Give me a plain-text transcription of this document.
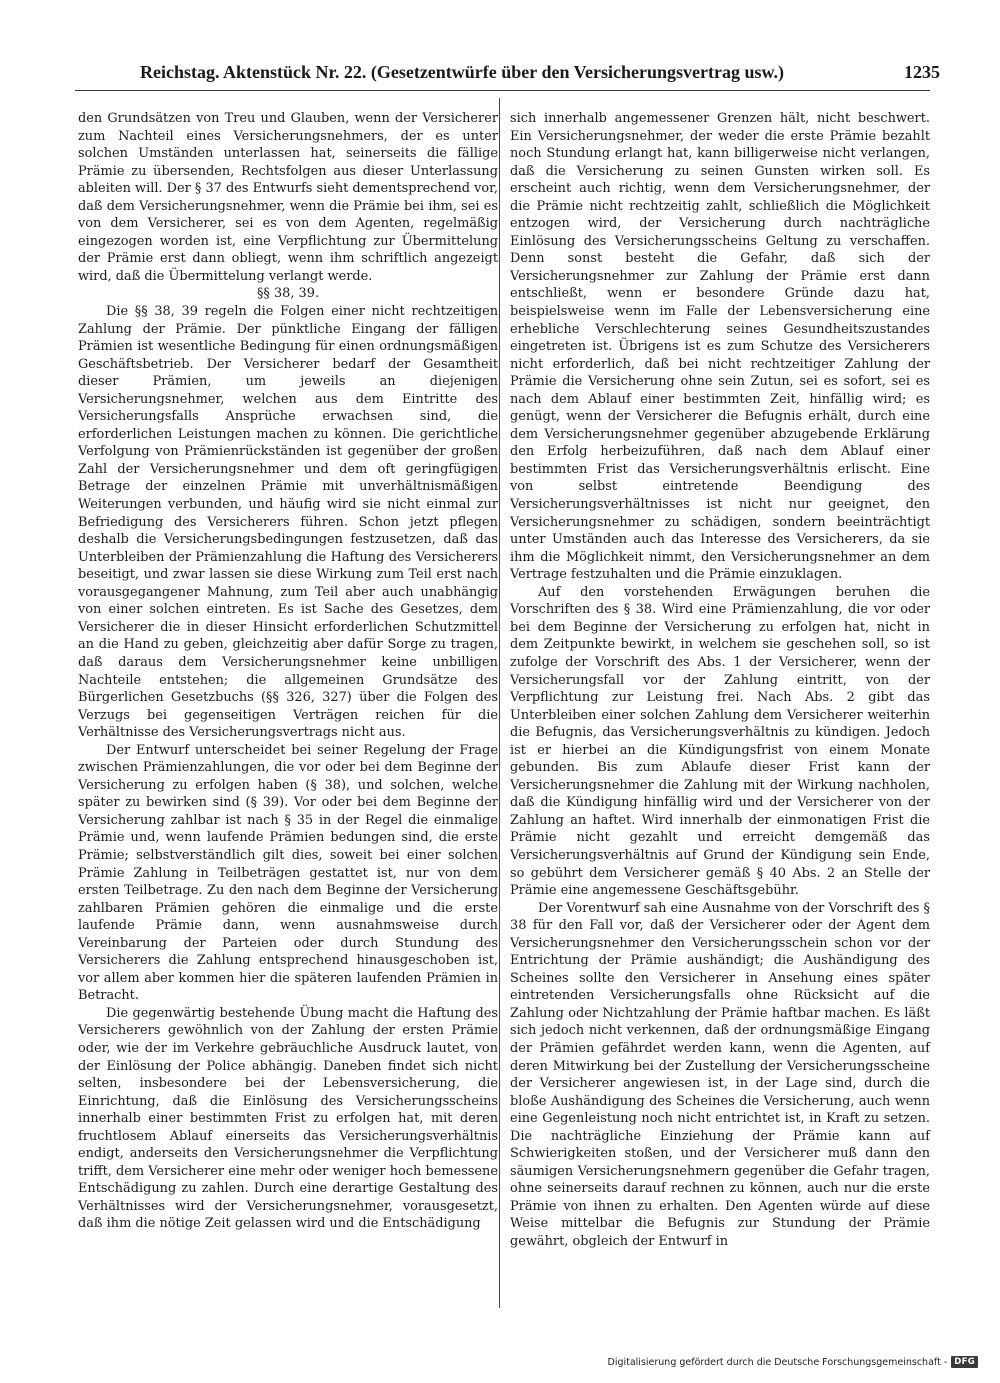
Reichstag. Aktenstück Nr. 22. (Gesetzentwürfe über den Versicherungsvertrag usw.)	1235

den Grundsätzen von Treu und Glauben, wenn der Versicherer zum Nachteil eines Versicherungsnehmers, der es unter solchen Umständen unterlassen hat, seinerseits die fällige Prämie zu übersenden, Rechtsfolgen aus dieser Unterlassung ableiten will. Der § 37 des Entwurfs sieht dementsprechend vor, daß dem Versicherungsnehmer, wenn die Prämie bei ihm, sei es von dem Versicherer, sei es von dem Agenten, regelmäßig eingezogen worden ist, eine Verpflichtung zur Übermittelung der Prämie erst dann obliegt, wenn ihm schriftlich angezeigt wird, daß die Übermittelung verlangt werde.

§§ 38, 39.

Die §§ 38, 39 regeln die Folgen einer nicht rechtzeitigen Zahlung der Prämie. Der pünktliche Eingang der fälligen Prämien ist wesentliche Bedingung für einen ordnungsmäßigen Geschäftsbetrieb. Der Versicherer bedarf der Gesamtheit dieser Prämien, um jeweils an diejenigen Versicherungsnehmer, welchen aus dem Eintritte des Versicherungsfalls Ansprüche erwachsen sind, die erforderlichen Leistungen machen zu können. Die gerichtliche Verfolgung von Prämienrückständen ist gegenüber der großen Zahl der Versicherungsnehmer und dem oft geringfügigen Betrage der einzelnen Prämie mit unverhältnismäßigen Weiterungen verbunden, und häufig wird sie nicht einmal zur Befriedigung des Versicherers führen. Schon jetzt pflegen deshalb die Versicherungsbedingungen festzusetzen, daß das Unterbleiben der Prämienzahlung die Haftung des Versicherers beseitigt, und zwar lassen sie diese Wirkung zum Teil erst nach vorausgegangener Mahnung, zum Teil aber auch unabhängig von einer solchen eintreten. Es ist Sache des Gesetzes, dem Versicherer die in dieser Hinsicht erforderlichen Schutzmittel an die Hand zu geben, gleichzeitig aber dafür Sorge zu tragen, daß daraus dem Versicherungsnehmer keine unbilligen Nachteile entstehen; die allgemeinen Grundsätze des Bürgerlichen Gesetzbuchs (§§ 326, 327) über die Folgen des Verzugs bei gegenseitigen Verträgen reichen für die Verhältnisse des Versicherungsvertrags nicht aus.

Der Entwurf unterscheidet bei seiner Regelung der Frage zwischen Prämienzahlungen, die vor oder bei dem Beginne der Versicherung zu erfolgen haben (§ 38), und solchen, welche später zu bewirken sind (§ 39). Vor oder bei dem Beginne der Versicherung zahlbar ist nach § 35 in der Regel die einmalige Prämie und, wenn laufende Prämien bedungen sind, die erste Prämie; selbstverständlich gilt dies, soweit bei einer solchen Prämie Zahlung in Teilbeträgen gestattet ist, nur von dem ersten Teilbetrage. Zu den nach dem Beginne der Versicherung zahlbaren Prämien gehören die einmalige und die erste laufende Prämie dann, wenn ausnahmsweise durch Vereinbarung der Parteien oder durch Stundung des Versicherers die Zahlung entsprechend hinausgeschoben ist, vor allem aber kommen hier die späteren laufenden Prämien in Betracht.

Die gegenwärtig bestehende Übung macht die Haftung des Versicherers gewöhnlich von der Zahlung der ersten Prämie oder, wie der im Verkehre gebräuchliche Ausdruck lautet, von der Einlösung der Police abhängig. Daneben findet sich nicht selten, insbesondere bei der Lebensversicherung, die Einrichtung, daß die Einlösung des Versicherungsscheins innerhalb einer bestimmten Frist zu erfolgen hat, mit deren fruchtlosem Ablauf einerseits das Versicherungsverhältnis endigt, anderseits den Versicherungsnehmer die Verpflichtung trifft, dem Versicherer eine mehr oder weniger hoch bemessene Entschädigung zu zahlen. Durch eine derartige Gestaltung des Verhältnisses wird der Versicherungsnehmer, vorausgesetzt, daß ihm die nötige Zeit gelassen wird und die Entschädigung

sich innerhalb angemessener Grenzen hält, nicht beschwert. Ein Versicherungsnehmer, der weder die erste Prämie bezahlt noch Stundung erlangt hat, kann billigerweise nicht verlangen, daß die Versicherung zu seinen Gunsten wirken soll. Es erscheint auch richtig, wenn dem Versicherungsnehmer, der die Prämie nicht rechtzeitig zahlt, schließlich die Möglichkeit entzogen wird, der Versicherung durch nachträgliche Einlösung des Versicherungsscheins Geltung zu verschaffen. Denn sonst besteht die Gefahr, daß sich der Versicherungsnehmer zur Zahlung der Prämie erst dann entschließt, wenn er besondere Gründe dazu hat, beispielsweise wenn im Falle der Lebensversicherung eine erhebliche Verschlechterung seines Gesundheitszustandes eingetreten ist. Übrigens ist es zum Schutze des Versicherers nicht erforderlich, daß bei nicht rechtzeitiger Zahlung der Prämie die Versicherung ohne sein Zutun, sei es sofort, sei es nach dem Ablauf einer bestimmten Zeit, hinfällig wird; es genügt, wenn der Versicherer die Befugnis erhält, durch eine dem Versicherungsnehmer gegenüber abzugebende Erklärung den Erfolg herbeizuführen, daß nach dem Ablauf einer bestimmten Frist das Versicherungsverhältnis erlischt. Eine von selbst eintretende Beendigung des Versicherungsverhältnisses ist nicht nur geeignet, den Versicherungsnehmer zu schädigen, sondern beeinträchtigt unter Umständen auch das Interesse des Versicherers, da sie ihm die Möglichkeit nimmt, den Versicherungsnehmer an dem Vertrage festzuhalten und die Prämie einzuklagen.

Auf den vorstehenden Erwägungen beruhen die Vorschriften des § 38. Wird eine Prämienzahlung, die vor oder bei dem Beginne der Versicherung zu erfolgen hat, nicht in dem Zeitpunkte bewirkt, in welchem sie geschehen soll, so ist zufolge der Vorschrift des Abs. 1 der Versicherer, wenn der Versicherungsfall vor der Zahlung eintritt, von der Verpflichtung zur Leistung frei. Nach Abs. 2 gibt das Unterbleiben einer solchen Zahlung dem Versicherer weiterhin die Befugnis, das Versicherungsverhältnis zu kündigen. Jedoch ist er hierbei an die Kündigungsfrist von einem Monate gebunden. Bis zum Ablaufe dieser Frist kann der Versicherungsnehmer die Zahlung mit der Wirkung nachholen, daß die Kündigung hinfällig wird und der Versicherer von der Zahlung an haftet. Wird innerhalb der einmonatigen Frist die Prämie nicht gezahlt und erreicht demgemäß das Versicherungsverhältnis auf Grund der Kündigung sein Ende, so gebührt dem Versicherer gemäß § 40 Abs. 2 an Stelle der Prämie eine angemessene Geschäftsgebühr.

Der Vorentwurf sah eine Ausnahme von der Vorschrift des § 38 für den Fall vor, daß der Versicherer oder der Agent dem Versicherungsnehmer den Versicherungsschein schon vor der Entrichtung der Prämie aushändigt; die Aushändigung des Scheines sollte den Versicherer in Ansehung eines später eintretenden Versicherungsfalls ohne Rücksicht auf die Zahlung oder Nichtzahlung der Prämie haftbar machen. Es läßt sich jedoch nicht verkennen, daß der ordnungsmäßige Eingang der Prämien gefährdet werden kann, wenn die Agenten, auf deren Mitwirkung bei der Zustellung der Versicherungsscheine der Versicherer angewiesen ist, in der Lage sind, durch die bloße Aushändigung des Scheines die Versicherung, auch wenn eine Gegenleistung noch nicht entrichtet ist, in Kraft zu setzen. Die nachträgliche Einziehung der Prämie kann auf Schwierigkeiten stoßen, und der Versicherer muß dann den säumigen Versicherungsnehmern gegenüber die Gefahr tragen, ohne seinerseits darauf rechnen zu können, auch nur die erste Prämie von ihnen zu erhalten. Den Agenten würde auf diese Weise mittelbar die Befugnis zur Stundung der Prämie gewährt, obgleich der Entwurf in

Digitalisierung gefördert durch die Deutsche Forschungsgemeinschaft - DFG
